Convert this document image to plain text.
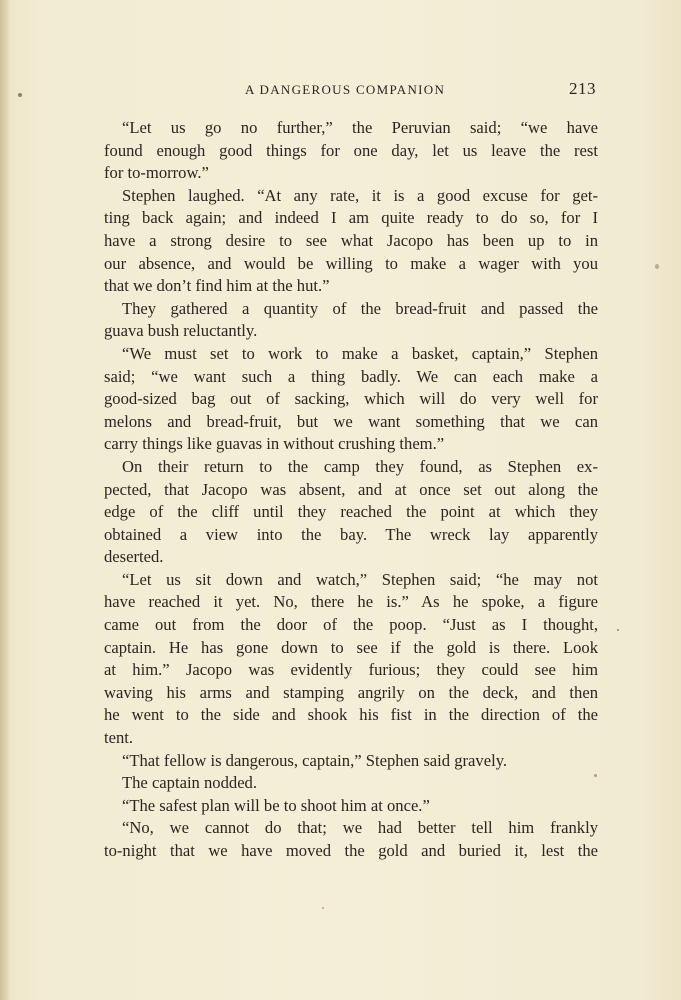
A DANGEROUS COMPANION	213
“Let us go no further,” the Peruvian said; “we have
found enough good things for one day, let us leave the rest
for to-morrow.”
Stephen laughed. “At any rate, it is a good excuse for get-
ting back again; and indeed I am quite ready to do so, for I
have a strong desire to see what Jacopo has been up to in
our absence, and would be willing to make a wager with you
that we don’t find him at the hut.”
They gathered a quantity of the bread-fruit and passed the
guava bush reluctantly.
“We must set to work to make a basket, captain,” Stephen
said; “we want such a thing badly. We can each make a
good-sized bag out of sacking, which will do very well for
melons and bread-fruit, but we want something that we can
carry things like guavas in without crushing them.”
On their return to the camp they found, as Stephen ex-
pected, that Jacopo was absent, and at once set out along the
edge of the cliff until they reached the point at which they
obtained a view into the bay. The wreck lay apparently
deserted.
“Let us sit down and watch,” Stephen said; “he may not
have reached it yet. No, there he is.” As he spoke, a figure
came out from the door of the poop. “Just as I thought,
captain. He has gone down to see if the gold is there. Look
at him.” Jacopo was evidently furious; they could see him
waving his arms and stamping angrily on the deck, and then
he went to the side and shook his fist in the direction of the
tent.
“That fellow is dangerous, captain,” Stephen said gravely.
The captain nodded.
“The safest plan will be to shoot him at once.”
“No, we cannot do that; we had better tell him frankly
to-night that we have moved the gold and buried it, lest the
